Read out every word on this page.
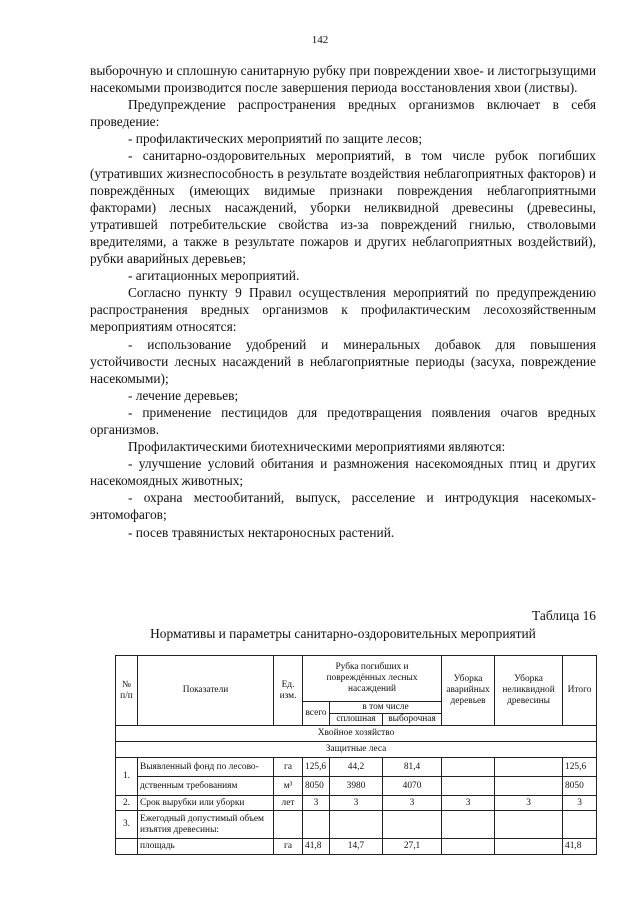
142

выборочную и сплошную санитарную рубку при повреждении хвое- и листогрызущими насекомыми производится после завершения периода восстановления хвои (листвы).

Предупреждение распространения вредных организмов включает в себя проведение:

- профилактических мероприятий по защите лесов;

- санитарно-оздоровительных мероприятий, в том числе рубок погибших (утративших жизнеспособность в результате воздействия неблагоприятных факторов) и повреждённых (имеющих видимые признаки повреждения неблагоприятными факторами) лесных насаждений, уборки неликвидной древесины (древесины, утратившей потребительские свойства из-за повреждений гнилью, стволовыми вредителями, а также в результате пожаров и других неблагоприятных воздействий), рубки аварийных деревьев;

- агитационных мероприятий.

Согласно пункту 9 Правил осуществления мероприятий по предупреждению распространения вредных организмов к профилактическим лесохозяйственным мероприятиям относятся:

- использование удобрений и минеральных добавок для повышения устойчивости лесных насаждений в неблагоприятные периоды (засуха, повреждение насекомыми);

- лечение деревьев;

- применение пестицидов для предотвращения появления очагов вредных организмов.

Профилактическими биотехническими мероприятиями являются:

- улучшение условий обитания и размножения насекомоядных птиц и других насекомоядных животных;

- охрана местообитаний, выпуск, расселение и интродукция насекомых-энтомофагов;

- посев травянистых нектароносных растений.

Таблица 16
Нормативы и параметры санитарно-оздоровительных мероприятий
№ п/п	Показатели	Ед. изм.	Рубка погибших и повреждённых лесных насаждений			Уборка аварийных деревьев	Уборка неликвидной древесины	Итого
			всего	в том числе				
				сплошная	выборочная			
Хвойное хозяйство								
Защитные леса								
1.	Выявленный фонд по лесово-	га	125,6	44,2	81,4			125,6
	дственным требованиям	м³	8050	3980	4070			8050
2.	Срок вырубки или уборки	лет	3	3	3	3	3	3
3.	Ежегодный допустимый объем изъятия древесины:							
	площадь	га	41,8	14,7	27,1			41,8
